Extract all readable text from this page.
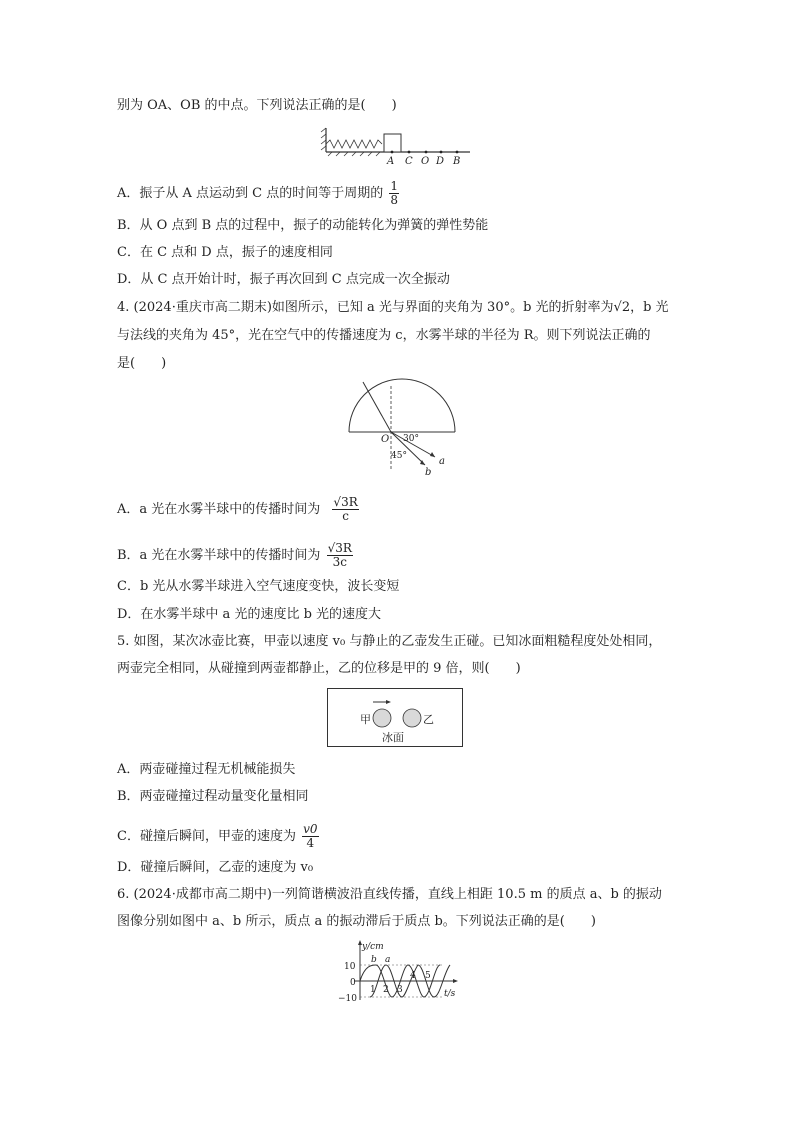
别为 OA、OB 的中点。下列说法正确的是(　　)
A C O D B
A．振子从 A 点运动到 C 点的时间等于周期的 $\frac{1}{8}$
B．从 O 点到 B 点的过程中，振子的动能转化为弹簧的弹性势能
C．在 C 点和 D 点，振子的速度相同
D．从 C 点开始计时，振子再次回到 C 点完成一次全振动
4. (2024·重庆市高二期末)如图所示，已知 a 光与界面的夹角为 30°。b 光的折射率为√2，b 光
与法线的夹角为 45°，光在空气中的传播速度为 c，水雾半球的半径为 R。则下列说法正确的
是(　　)
O 30°
45°	a
b
A．a 光在水雾半球中的传播时间为 $\frac{√3R}{c}$
B．a 光在水雾半球中的传播时间为 $\frac{√3R}{3c}$
C．b 光从水雾半球进入空气速度变快，波长变短
D．在水雾半球中 a 光的速度比 b 光的速度大
5. 如图，某次冰壶比赛，甲壶以速度 v₀ 与静止的乙壶发生正碰。已知冰面粗糙程度处处相同，
两壶完全相同，从碰撞到两壶都静止，乙的位移是甲的 9 倍，则(　　)
甲	乙
冰面
A．两壶碰撞过程无机械能损失
B．两壶碰撞过程动量变化量相同
C．碰撞后瞬间，甲壶的速度为 $\frac{v0}{4}$
D．碰撞后瞬间，乙壶的速度为 v₀
6. (2024·成都市高二期中)一列简谐横波沿直线传播，直线上相距 10.5 m 的质点 a、b 的振动
图像分别如图中 a、b 所示，质点 a 的振动滞后于质点 b。下列说法正确的是(　　)
y/cm
t/s
10
0
−10
1 2 3
4 5
b a
